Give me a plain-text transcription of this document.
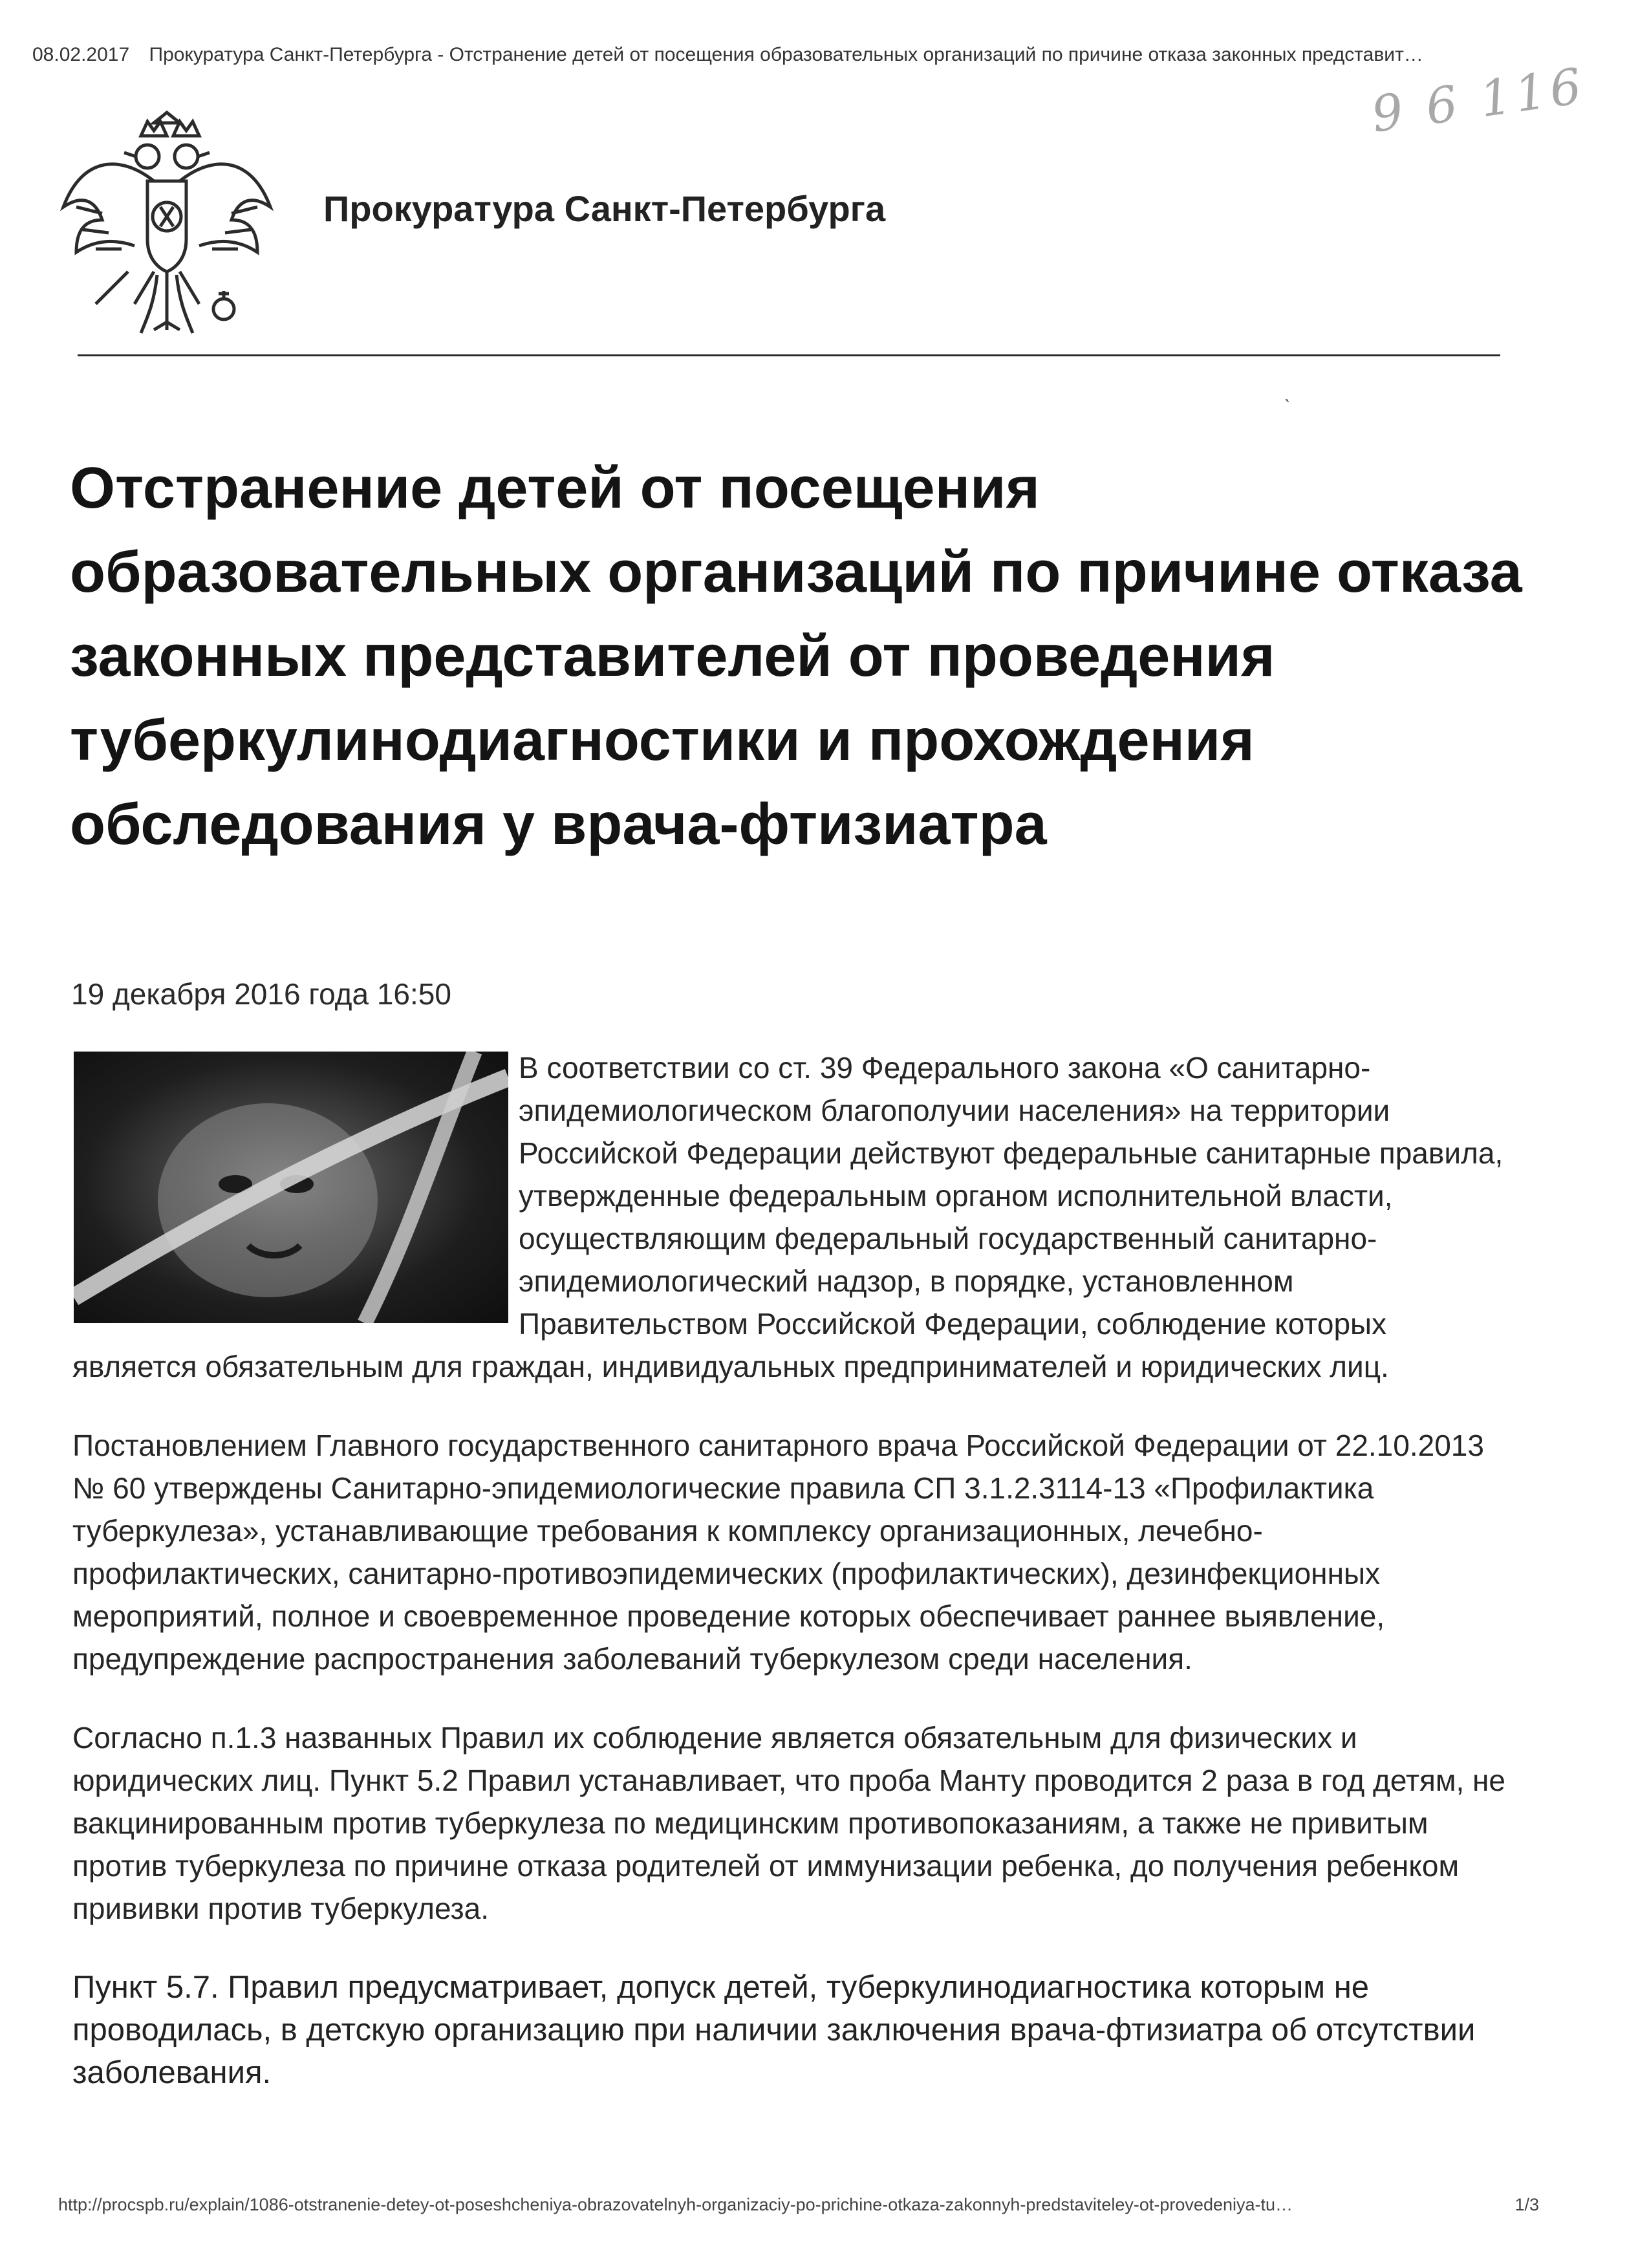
08.02.2017 Прокуратура Санкт-Петербурга - Отстранение детей от посещения образовательных организаций по причине отказа законных представит…
9 6 116
Прокуратура Санкт-Петербурга
ˋ
Отстранение детей от посещения образовательных организаций по причине отказа законных представителей от проведения туберкулинодиагностики и прохождения обследования у врача-фтизиатра
19 декабря 2016 года 16:50

В соответствии со ст. 39 Федерального закона «О санитарно-эпидемиологическом благополучии населения» на территории Российской Федерации действуют федеральные санитарные правила, утвержденные федеральным органом исполнительной власти, осуществляющим федеральный государственный санитарно-эпидемиологический надзор, в порядке, установленном Правительством Российской Федерации, соблюдение которых является обязательным для граждан, индивидуальных предпринимателей и юридических лиц.

Постановлением Главного государственного санитарного врача Российской Федерации от 22.10.2013 № 60 утверждены Санитарно-эпидемиологические правила СП 3.1.2.3114-13 «Профилактика туберкулеза», устанавливающие требования к комплексу организационных, лечебно-профилактических, санитарно-противоэпидемических (профилактических), дезинфекционных мероприятий, полное и своевременное проведение которых обеспечивает раннее выявление, предупреждение распространения заболеваний туберкулезом среди населения.

Согласно п.1.3 названных Правил их соблюдение является обязательным для физических и юридических лиц. Пункт 5.2 Правил устанавливает, что проба Манту проводится 2 раза в год детям, не вакцинированным против туберкулеза по медицинским противопоказаниям, а также не привитым против туберкулеза по причине отказа родителей от иммунизации ребенка, до получения ребенком прививки против туберкулеза.

Пункт 5.7. Правил предусматривает, допуск детей, туберкулинодиагностика которым не проводилась, в детскую организацию при наличии заключения врача-фтизиатра об отсутствии заболевания.

http://procspb.ru/explain/1086-otstranenie-detey-ot-poseshcheniya-obrazovatelnyh-organizaciy-po-prichine-otkaza-zakonnyh-predstaviteley-ot-provedeniya-tu…	1/3
